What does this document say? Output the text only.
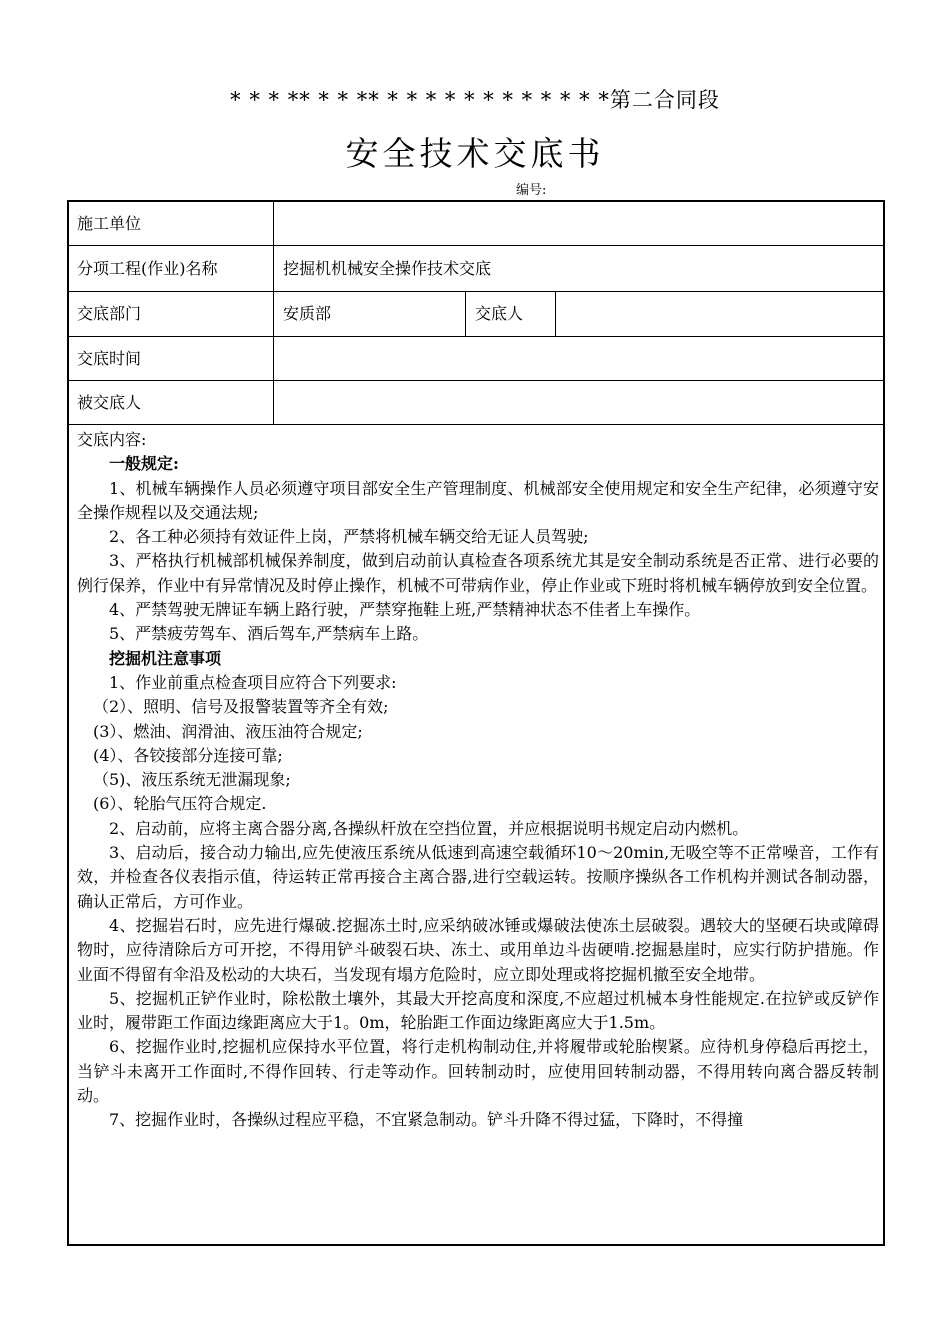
* * * ** * * ** * * * * * * * * * * * *第二合同段
安全技术交底书
编号:
施工单位
分项工程(作业)名称	挖掘机机械安全操作技术交底
交底部门	安质部	交底人
交底时间
被交底人

交底内容:

一般规定:

1、机械车辆操作人员必须遵守项目部安全生产管理制度、机械部安全使用规定和安全生产纪律，必须遵守安全操作规程以及交通法规;

2、各工种必须持有效证件上岗，严禁将机械车辆交给无证人员驾驶;

3、严格执行机械部机械保养制度，做到启动前认真检查各项系统尤其是安全制动系统是否正常、进行必要的例行保养，作业中有异常情况及时停止操作，机械不可带病作业，停止作业或下班时将机械车辆停放到安全位置。

4、严禁驾驶无牌证车辆上路行驶，严禁穿拖鞋上班,严禁精神状态不佳者上车操作。

5、严禁疲劳驾车、酒后驾车,严禁病车上路。

挖掘机注意事项

1、作业前重点检查项目应符合下列要求:

（2）、照明、信号及报警装置等齐全有效;

(3）、燃油、润滑油、液压油符合规定;

(4）、各铰接部分连接可靠;

（5)、液压系统无泄漏现象;

(6）、轮胎气压符合规定.

2、启动前，应将主离合器分离,各操纵杆放在空挡位置，并应根据说明书规定启动内燃机。

3、启动后，接合动力输出,应先使液压系统从低速到高速空载循环10～20min,无吸空等不正常噪音，工作有效，并检查各仪表指示值，待运转正常再接合主离合器,进行空载运转。按顺序操纵各工作机构并测试各制动器，确认正常后，方可作业。

4、挖掘岩石时，应先进行爆破.挖掘冻土时,应采纳破冰锤或爆破法使冻土层破裂。遇较大的坚硬石块或障碍物时，应待清除后方可开挖，不得用铲斗破裂石块、冻土、或用单边斗齿硬啃.挖掘悬崖时，应实行防护措施。作业面不得留有伞沿及松动的大块石，当发现有塌方危险时，应立即处理或将挖掘机撤至安全地带。

5、挖掘机正铲作业时，除松散土壤外，其最大开挖高度和深度,不应超过机械本身性能规定.在拉铲或反铲作业时，履带距工作面边缘距离应大于1。0m，轮胎距工作面边缘距离应大于1.5m。

6、挖掘作业时,挖掘机应保持水平位置，将行走机构制动住,并将履带或轮胎楔紧。应待机身停稳后再挖土，当铲斗未离开工作面时,不得作回转、行走等动作。回转制动时，应使用回转制动器，不得用转向离合器反转制动。

7、挖掘作业时，各操纵过程应平稳，不宜紧急制动。铲斗升降不得过猛，下降时，不得撞
